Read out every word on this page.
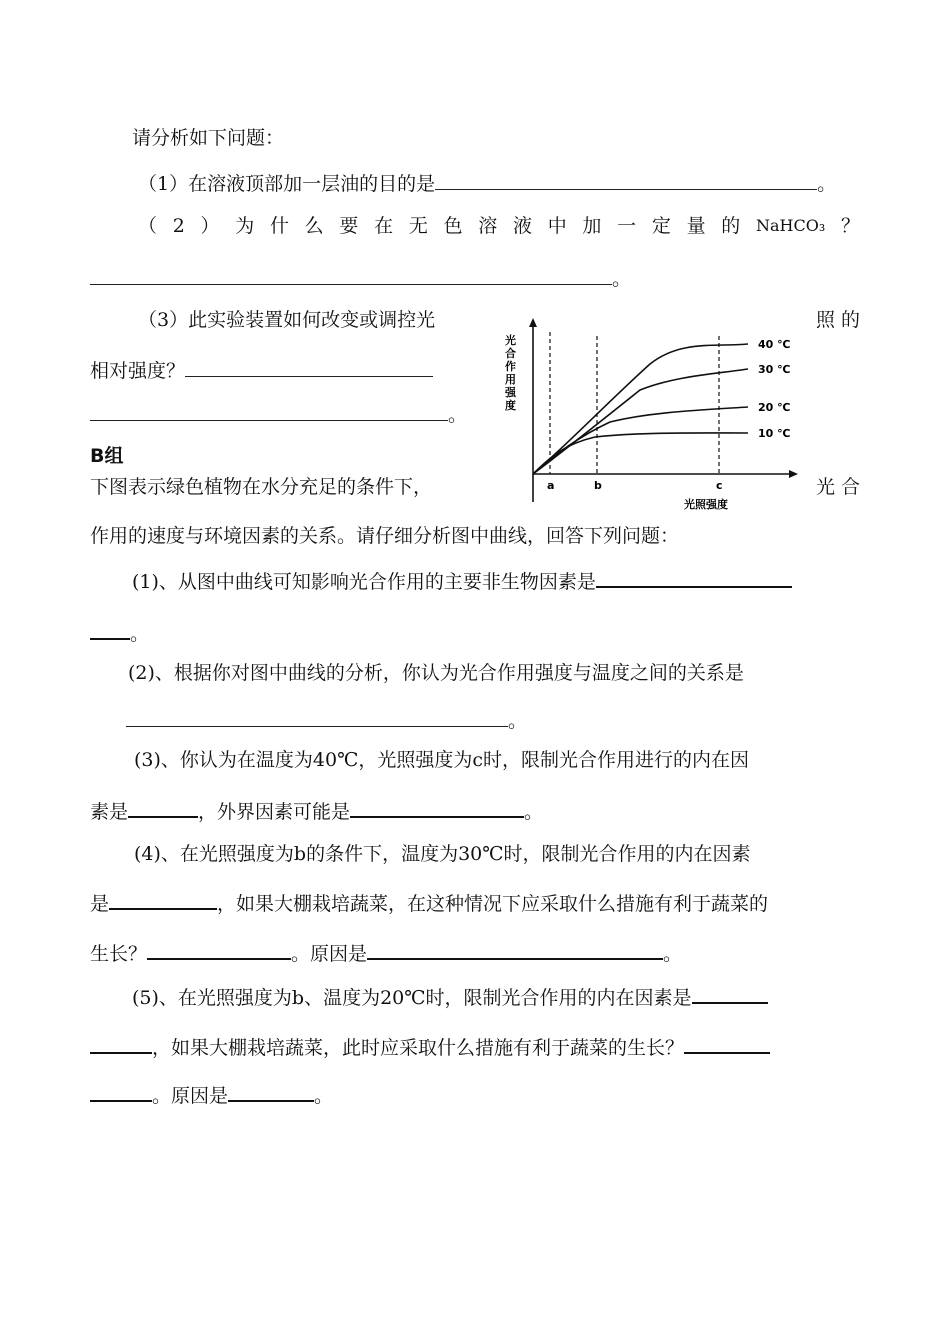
请分析如下问题：
（1）在溶液顶部加一层油的目的是	。
（ 2 ） 为 什 么 要 在 无 色 溶 液 中 加 一 定 量 的 NaHCO₃ ？
。
（3）此实验装置如何改变或调控光	照 的
相对强度？
。
光
合
作
用
强
度
40 ℃
30 ℃
20 ℃
10 ℃
a	b	c
光照强度
B组
下图表示绿色植物在水分充足的条件下，	光 合
作用的速度与环境因素的关系。请仔细分析图中曲线，回答下列问题：
(1)、从图中曲线可知影响光合作用的主要非生物因素是
。
(2)、根据你对图中曲线的分析，你认为光合作用强度与温度之间的关系是
。
(3)、你认为在温度为40℃，光照强度为c时，限制光合作用进行的内在因
素是	，外界因素可能是	。
(4)、在光照强度为b的条件下，温度为30℃时，限制光合作用的内在因素
是	，如果大棚栽培蔬菜，在这种情况下应采取什么措施有利于蔬菜的
生长？	。原因是	。
(5)、在光照强度为b、温度为20℃时，限制光合作用的内在因素是
，如果大棚栽培蔬菜，此时应采取什么措施有利于蔬菜的生长？
。原因是	。
